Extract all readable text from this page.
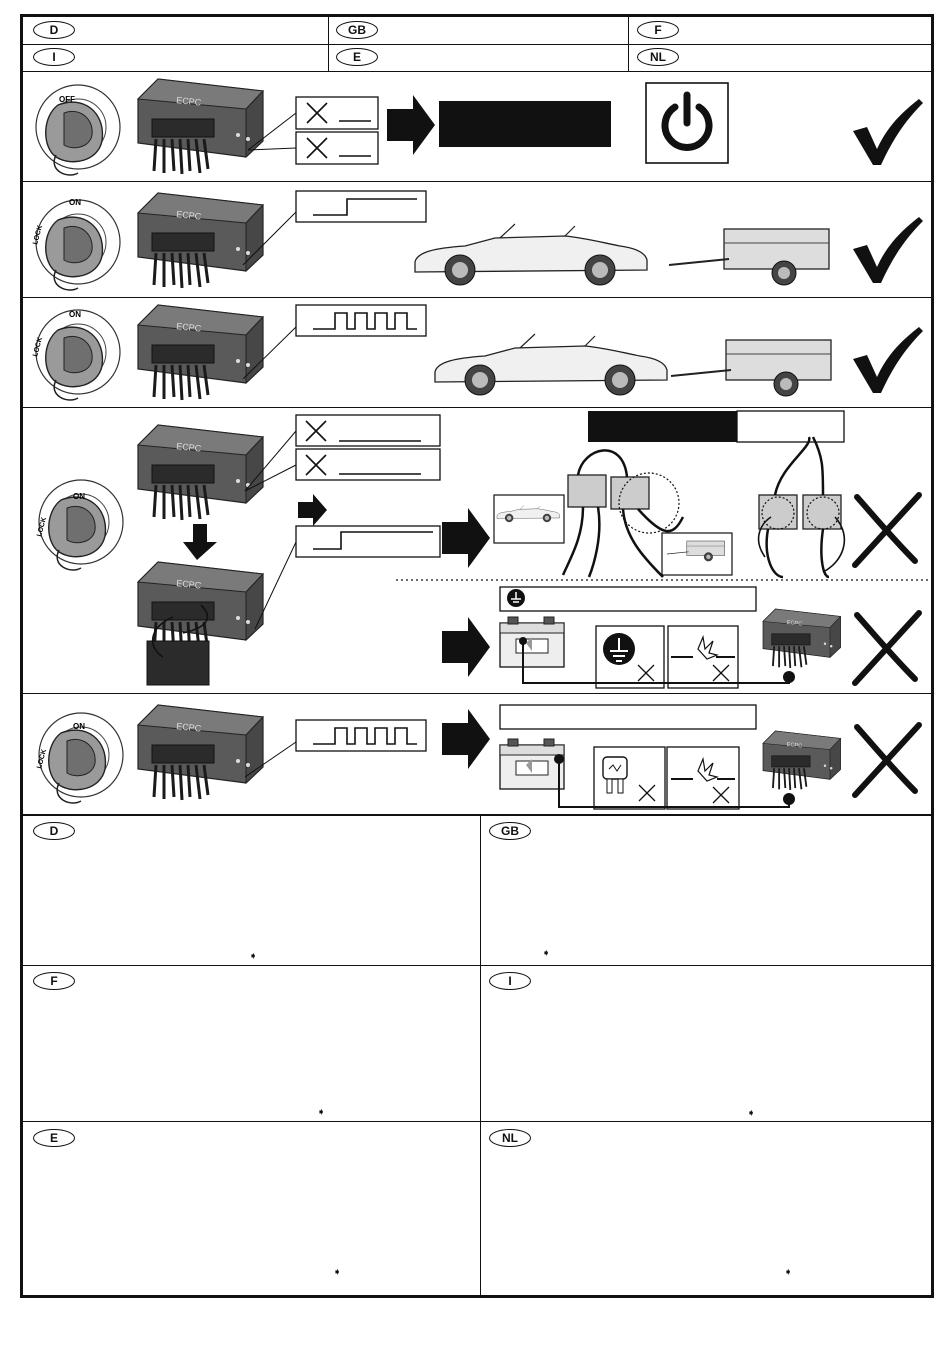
D	GB	F
I	E	NL
D	GB
F	I
E	NL
➧	➧
➧	➧
➧	➧
ECPC
OFF
ON
LOCK
ON
LOCK
ON
LOCK
ON
LOCK
